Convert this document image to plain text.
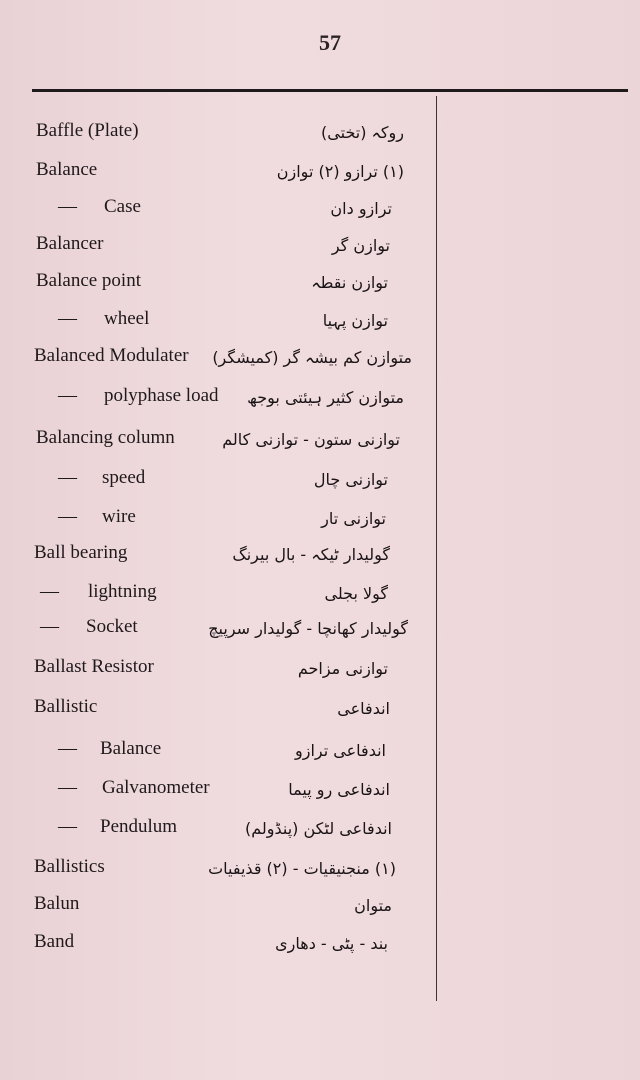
57
Baffle (Plate)	روکہ (تختی)
Balance	(۱) ترازو (۲) توازن
— Case	ترازو دان
Balancer	توازن گر
Balance point	توازن نقطہ
— wheel	توازن پہیا
Balanced Modulater متوازن کم بیشہ گر (کمیشگر)
— polyphase load متوازن کثیر ہیئتی بوجھ
Balancing column	توازنی ستون - توازنی کالم
— speed	توازنی چال
— wire	توازنی تار
Ball bearing	گولیدار ٹیکہ - بال بیرنگ
— lightning	گولا بجلی
— Socket	گولیدار کھانچا - گولیدار سرپیچ
Ballast Resistor	توازنی مزاحم
Ballistic	اندفاعی
— Balance	اندفاعی ترازو
— Galvanometer	اندفاعی رو پیما
— Pendulum	اندفاعی لٹکن (پنڈولم)
Ballistics	(۱) منجنیقیات - (۲) قذیفیات
Balun	متوان
Band	بند - پٹی - دھاری
